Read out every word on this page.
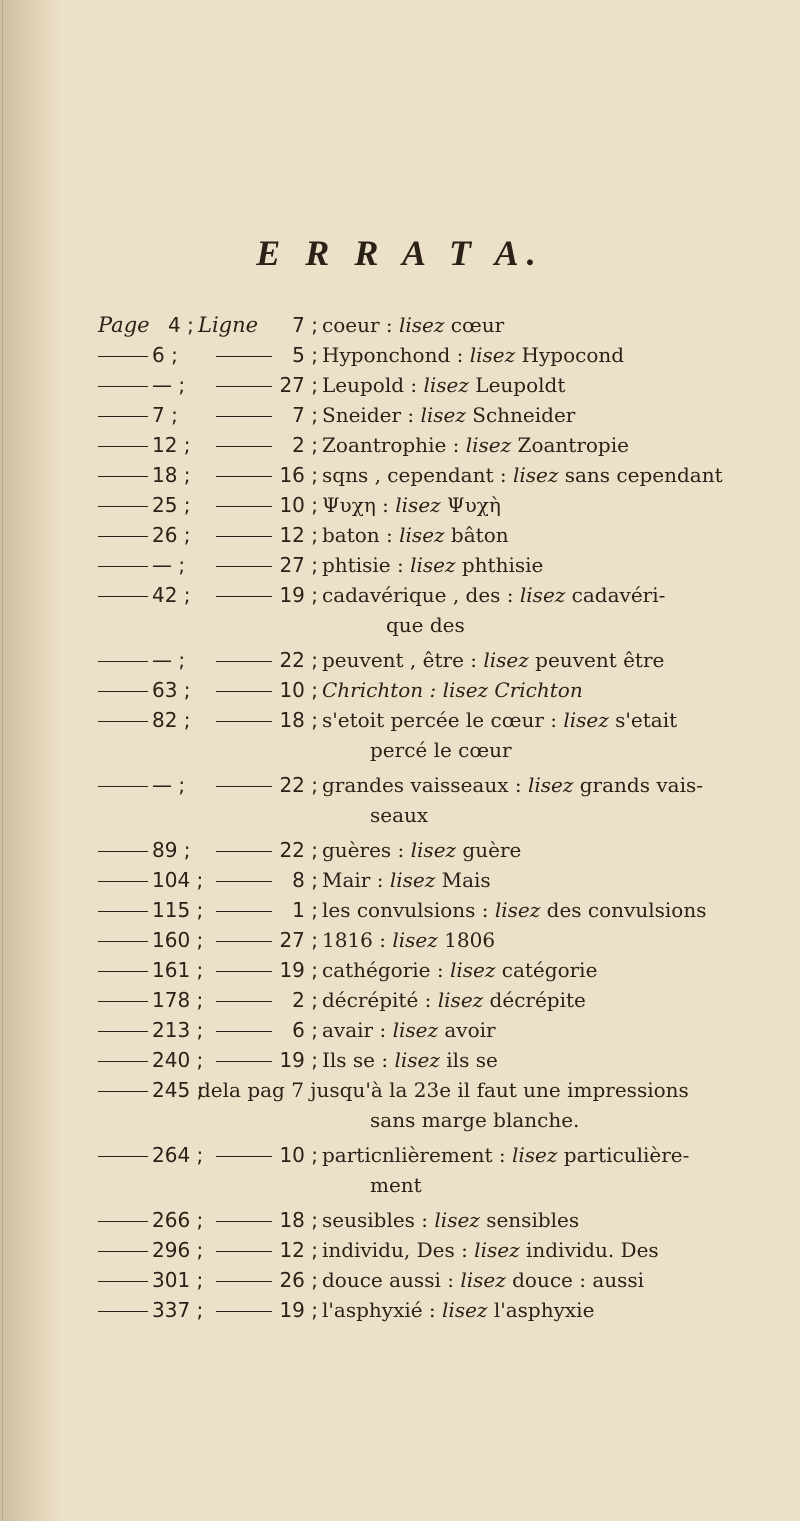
E R R A T A.
Page 4 ; Ligne	7 ; coeur : lisez cœur
6 ;	5 ; Hyponchond : lisez Hypocond
— ;	27 ; Leupold : lisez Leupoldt
7 ;	7 ; Sneider : lisez Schneider
12 ;	2 ; Zoantrophie : lisez Zoantropie
18 ;	16 ; sqns , cependant : lisez sans cependant
25 ;	10 ; Ψυχη : lisez Ψυχὴ
26 ;	12 ; baton : lisez bâton
— ;	27 ; phtisie : lisez phthisie
42 ;	19 ; cadavérique , des : lisez cadavéri-
que des
— ;	22 ; peuvent , être : lisez peuvent être
63 ;	10 ; Chrichton : lisez Crichton
82 ;	18 ; s'etoit percée le cœur : lisez s'etait
percé le cœur
— ;	22 ; grandes vaisseaux : lisez grands vais-
seaux
89 ;	22 ; guères : lisez guère
104 ;	8 ; Mair : lisez Mais
115 ;	1 ; les convulsions : lisez des convulsions
160 ;	27 ; 1816 : lisez 1806
161 ;	19 ; cathégorie : lisez catégorie
178 ;	2 ; décrépité : lisez décrépite
213 ;	6 ; avair : lisez avoir
240 ;	19 ; Ils se : lisez ils se
245 ;
dela pag 7 jusqu'à la 23e il faut une impressions
sans marge blanche.
264 ;	10 ; particnlièrement : lisez particulière-
ment
266 ;	18 ; seusibles : lisez sensibles
296 ;	12 ; individu, Des : lisez individu. Des
301 ;	26 ; douce aussi : lisez douce : aussi
337 ;	19 ; l'asphyxié : lisez l'asphyxie
